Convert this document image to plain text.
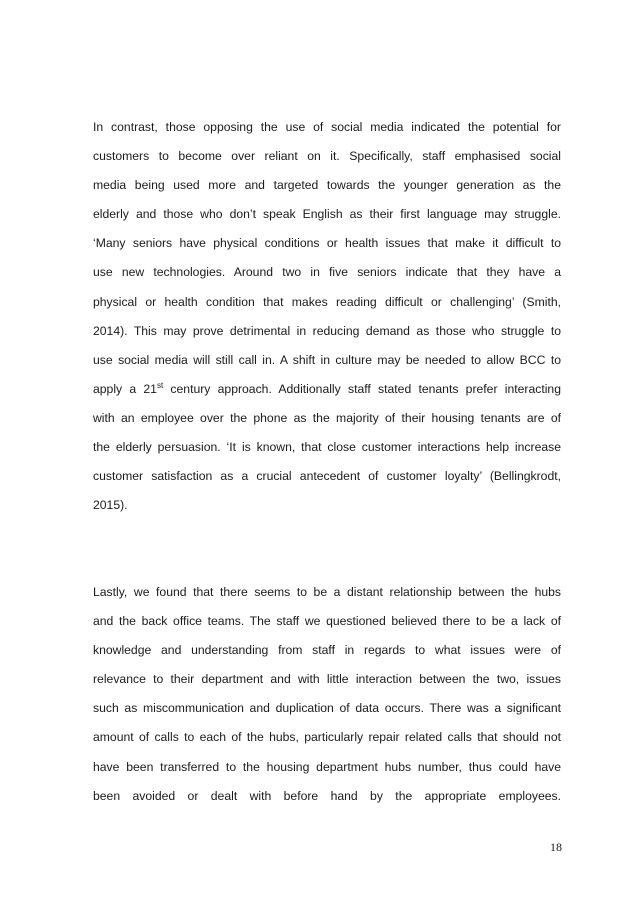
In contrast, those opposing the use of social media indicated the potential for
customers to become over reliant on it. Specifically, staff emphasised social
media being used more and targeted towards the younger generation as the
elderly and those who don’t speak English as their first language may struggle.
‘Many seniors have physical conditions or health issues that make it difficult to
use new technologies. Around two in five seniors indicate that they have a
physical or health condition that makes reading difficult or challenging’ (Smith,
2014). This may prove detrimental in reducing demand as those who struggle to
use social media will still call in. A shift in culture may be needed to allow BCC to
apply a 21st century approach. Additionally staff stated tenants prefer interacting
with an employee over the phone as the majority of their housing tenants are of
the elderly persuasion. ‘It is known, that close customer interactions help increase
customer satisfaction as a crucial antecedent of customer loyalty’ (Bellingkrodt,
2015).
Lastly, we found that there seems to be a distant relationship between the hubs
and the back office teams. The staff we questioned believed there to be a lack of
knowledge and understanding from staff in regards to what issues were of
relevance to their department and with little interaction between the two, issues
such as miscommunication and duplication of data occurs. There was a significant
amount of calls to each of the hubs, particularly repair related calls that should not
have been transferred to the housing department hubs number, thus could have
been avoided or dealt with before hand by the appropriate employees.
18
